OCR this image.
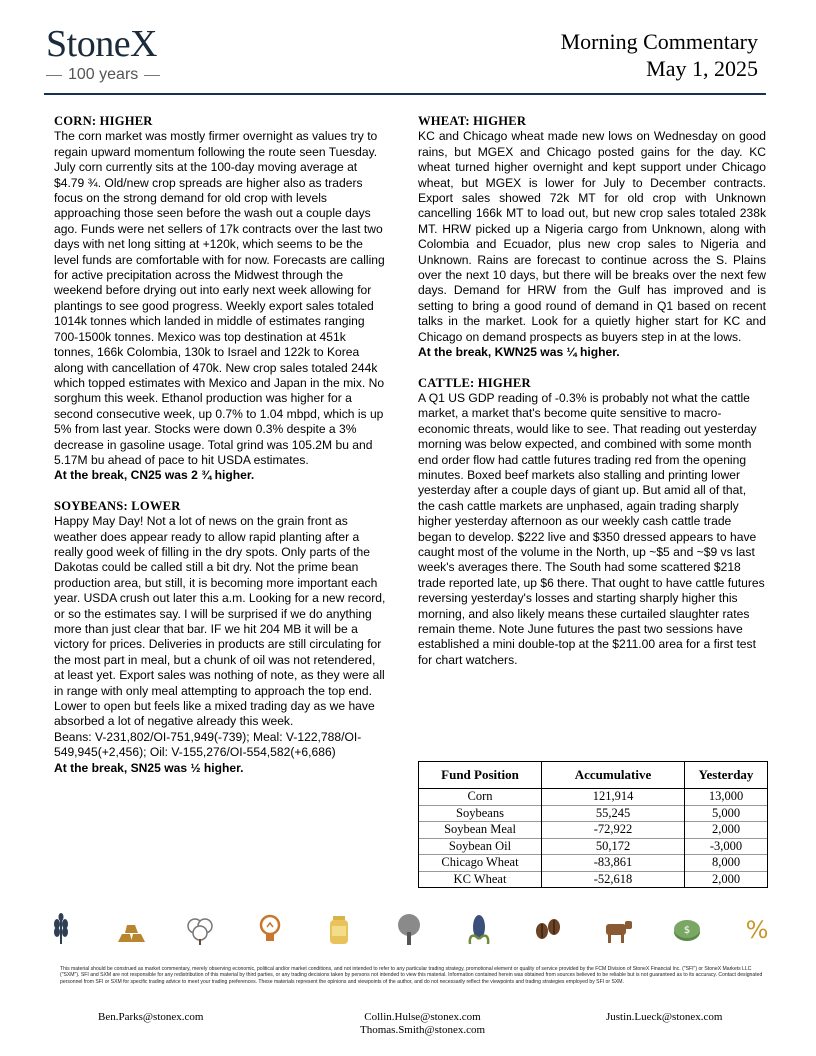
StoneX
100 years
Morning Commentary
May 1, 2025
CORN: HIGHER

The corn market was mostly firmer overnight as values try to regain upward momentum following the route seen Tuesday. July corn currently sits at the 100-day moving average at $4.79 ¾. Old/new crop spreads are higher also as traders focus on the strong demand for old crop with levels approaching those seen before the wash out a couple days ago. Funds were net sellers of 17k contracts over the last two days with net long sitting at +120k, which seems to be the level funds are comfortable with for now. Forecasts are calling for active precipitation across the Midwest through the weekend before drying out into early next week allowing for plantings to see good progress. Weekly export sales totaled 1014k tonnes which landed in middle of estimates ranging 700-1500k tonnes. Mexico was top destination at 451k tonnes, 166k Colombia, 130k to Israel and 122k to Korea along with cancellation of 470k. New crop sales totaled 244k which topped estimates with Mexico and Japan in the mix. No sorghum this week. Ethanol production was higher for a second consecutive week, up 0.7% to 1.04 mbpd, which is up 5% from last year. Stocks were down 0.3% despite a 3% decrease in gasoline usage. Total grind was 105.2M bu and 5.17M bu ahead of pace to hit USDA estimates.

At the break, CN25 was 2 ¾ higher.

SOYBEANS: LOWER

Happy May Day! Not a lot of news on the grain front as weather does appear ready to allow rapid planting after a really good week of filling in the dry spots. Only parts of the Dakotas could be called still a bit dry. Not the prime bean production area, but still, it is becoming more important each year. USDA crush out later this a.m. Looking for a new record, or so the estimates say. I will be surprised if we do anything more than just clear that bar. IF we hit 204 MB it will be a victory for prices. Deliveries in products are still circulating for the most part in meal, but a chunk of oil was not retendered, at least yet. Export sales was nothing of note, as they were all in range with only meal attempting to approach the top end. Lower to open but feels like a mixed trading day as we have absorbed a lot of negative already this week.

Beans: V-231,802/OI-751,949(-739); Meal: V-122,788/OI-549,945(+2,456); Oil: V-155,276/OI-554,582(+6,686)

At the break, SN25 was ½ higher.

WHEAT: HIGHER

KC and Chicago wheat made new lows on Wednesday on good rains, but MGEX and Chicago posted gains for the day. KC wheat turned higher overnight and kept support under Chicago wheat, but MGEX is lower for July to December contracts. Export sales showed 72k MT for old crop with Unknown cancelling 166k MT to load out, but new crop sales totaled 238k MT. HRW picked up a Nigeria cargo from Unknown, along with Colombia and Ecuador, plus new crop sales to Nigeria and Unknown. Rains are forecast to continue across the S. Plains over the next 10 days, but there will be breaks over the next few days. Demand for HRW from the Gulf has improved and is setting to bring a good round of demand in Q1 based on recent talks in the market. Look for a quietly higher start for KC and Chicago on demand prospects as buyers step in at the lows.

At the break, KWN25 was ¼ higher.

CATTLE: HIGHER

A Q1 US GDP reading of -0.3% is probably not what the cattle market, a market that's become quite sensitive to macro-economic threats, would like to see. That reading out yesterday morning was below expected, and combined with some month end order flow had cattle futures trading red from the opening minutes. Boxed beef markets also stalling and printing lower yesterday after a couple days of giant up. But amid all of that, the cash cattle markets are unphased, again trading sharply higher yesterday afternoon as our weekly cash cattle trade began to develop. $222 live and $350 dressed appears to have caught most of the volume in the North, up ~$5 and ~$9 vs last week's averages there. The South had some scattered $218 trade reported late, up $6 there. That ought to have cattle futures reversing yesterday's losses and starting sharply higher this morning, and also likely means these curtailed slaughter rates remain theme. Note June futures the past two sessions have established a mini double-top at the $211.00 area for a first test for chart watchers.

Fund Position	Accumulative	Yesterday
Corn	121,914	13,000
Soybeans	55,245	5,000
Soybean Meal	-72,922	2,000
Soybean Oil	50,172	-3,000
Chicago Wheat	-83,861	8,000
KC Wheat	-52,618	2,000
$ %
This material should be construed as market commentary, merely observing economic, political and/or market conditions, and not intended to refer to any particular trading strategy, promotional element or quality of service provided by the FCM Division of StoneX Financial Inc. ("SFI") or StoneX Markets LLC ("SXM"). SFI and SXM are not responsible for any redistribution of this material by third parties, or any trading decisions taken by persons not intended to view this material. Information contained herein was obtained from sources believed to be reliable but is not guaranteed as to its accuracy. Contact designated personnel from SFI or SXM for specific trading advice to meet your trading preferences. These materials represent the opinions and viewpoints of the author, and do not necessarily reflect the viewpoints and trading strategies employed by SFI or SXM.
Ben.Parks@stonex.com	Collin.Hulse@stonex.com
Thomas.Smith@stonex.com
Justin.Lueck@stonex.com
